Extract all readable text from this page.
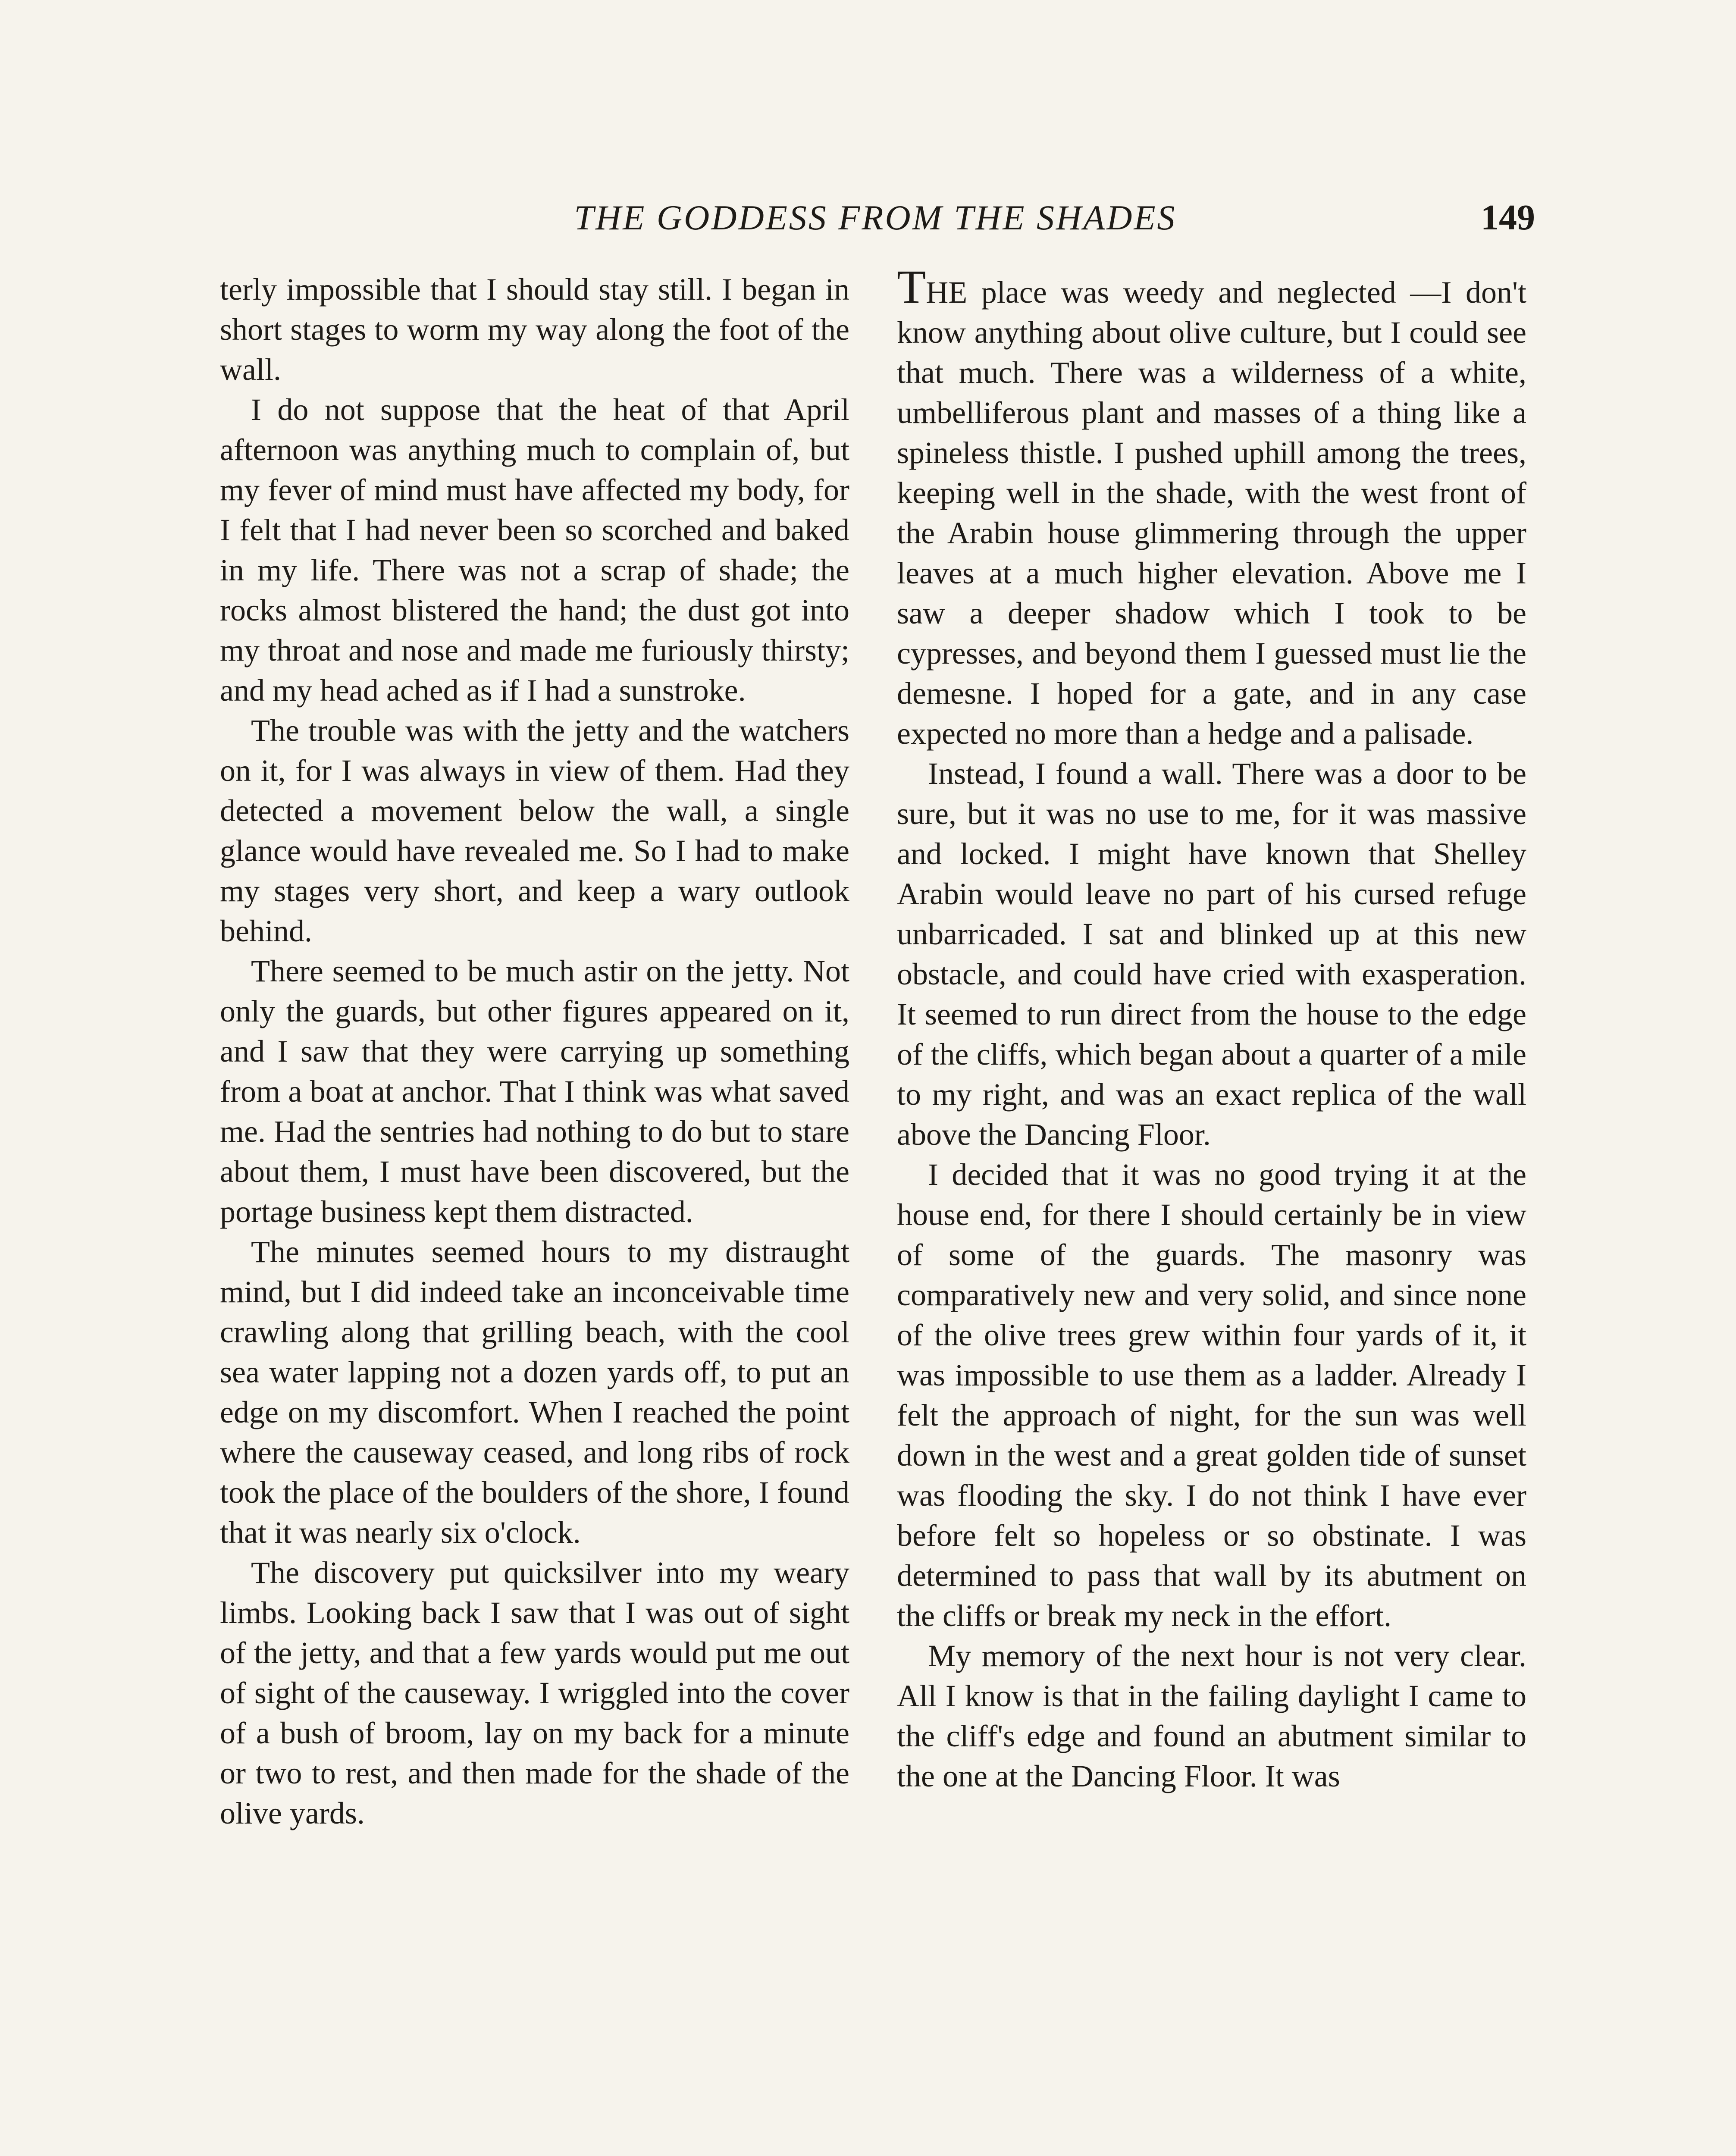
THE GODDESS FROM THE SHADES	149

terly impossible that I should stay still. I began in short stages to worm my way along the foot of the wall.

I do not suppose that the heat of that April afternoon was anything much to complain of, but my fever of mind must have affected my body, for I felt that I had never been so scorched and baked in my life. There was not a scrap of shade; the rocks almost blistered the hand; the dust got into my throat and nose and made me furiously thirsty; and my head ached as if I had a sunstroke.

The trouble was with the jetty and the watchers on it, for I was always in view of them. Had they detected a movement below the wall, a single glance would have revealed me. So I had to make my stages very short, and keep a wary outlook behind.

There seemed to be much astir on the jetty. Not only the guards, but other figures appeared on it, and I saw that they were carrying up something from a boat at anchor. That I think was what saved me. Had the sentries had nothing to do but to stare about them, I must have been discovered, but the portage business kept them distracted.

The minutes seemed hours to my distraught mind, but I did indeed take an inconceivable time crawling along that grilling beach, with the cool sea water lapping not a dozen yards off, to put an edge on my discomfort. When I reached the point where the causeway ceased, and long ribs of rock took the place of the boulders of the shore, I found that it was nearly six o'clock.

The discovery put quicksilver into my weary limbs. Looking back I saw that I was out of sight of the jetty, and that a few yards would put me out of sight of the causeway. I wriggled into the cover of a bush of broom, lay on my back for a minute or two to rest, and then made for the shade of the olive yards.

THE place was weedy and neglected —I don't know anything about olive culture, but I could see that much. There was a wilderness of a white, umbelliferous plant and masses of a thing like a spineless thistle. I pushed uphill among the trees, keeping well in the shade, with the west front of the Arabin house glimmering through the upper leaves at a much higher elevation. Above me I saw a deeper shadow which I took to be cypresses, and beyond them I guessed must lie the demesne. I hoped for a gate, and in any case expected no more than a hedge and a palisade.

Instead, I found a wall. There was a door to be sure, but it was no use to me, for it was massive and locked. I might have known that Shelley Arabin would leave no part of his cursed refuge unbarricaded. I sat and blinked up at this new obstacle, and could have cried with exasperation. It seemed to run direct from the house to the edge of the cliffs, which began about a quarter of a mile to my right, and was an exact replica of the wall above the Dancing Floor.

I decided that it was no good trying it at the house end, for there I should certainly be in view of some of the guards. The masonry was comparatively new and very solid, and since none of the olive trees grew within four yards of it, it was impossible to use them as a ladder. Already I felt the approach of night, for the sun was well down in the west and a great golden tide of sunset was flooding the sky. I do not think I have ever before felt so hopeless or so obstinate. I was determined to pass that wall by its abutment on the cliffs or break my neck in the effort.

My memory of the next hour is not very clear. All I know is that in the failing daylight I came to the cliff's edge and found an abutment similar to the one at the Dancing Floor. It was
